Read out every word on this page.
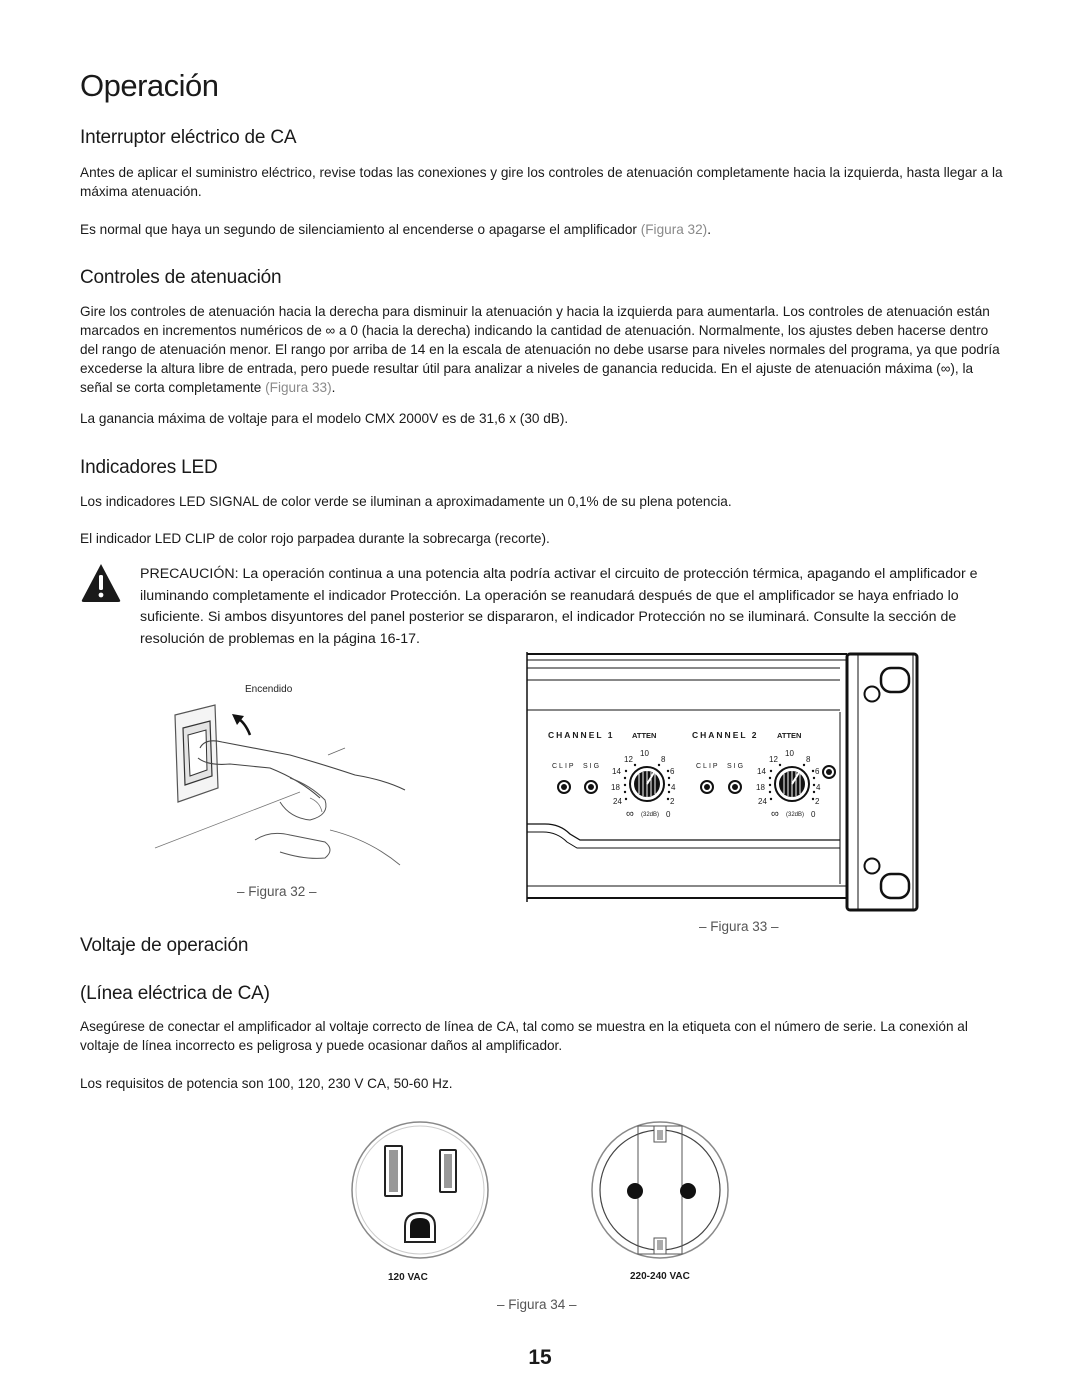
Operación
Interruptor eléctrico de CA

Antes de aplicar el suministro eléctrico, revise todas las conexiones y gire los controles de atenuación completamente hacia la izquierda, hasta llegar a la máxima atenuación.

Es normal que haya un segundo de silenciamiento al encenderse o apagarse el amplificador (Figura 32).

Controles de atenuación

Gire los controles de atenuación hacia la derecha para disminuir la atenuación y hacia la izquierda para aumentarla. Los controles de atenuación están marcados en incrementos numéricos de ∞ a 0 (hacia la derecha) indicando la cantidad de atenuación. Normalmente, los ajustes deben hacerse dentro del rango de atenuación menor. El rango por arriba de 14 en la escala de atenuación no debe usarse para niveles normales del programa, ya que podría excederse la altura libre de entrada, pero puede resultar útil para analizar a niveles de ganancia reducida. En el ajuste de atenuación máxima (∞), la señal se corta completamente (Figura 33).

La ganancia máxima de voltaje para el modelo CMX 2000V es de 31,6 x (30 dB).

Indicadores LED

Los indicadores LED SIGNAL de color verde se iluminan a aproximadamente un 0,1% de su plena potencia.

El indicador LED CLIP de color rojo parpadea durante la sobrecarga (recorte).

PRECAUCIÓN: La operación continua a una potencia alta podría activar el circuito de protección térmica, apagando el amplificador e iluminando completamente el indicador Protección. La operación se reanudará después de que el amplificador se haya enfriado lo suficiente. Si ambos disyuntores del panel posterior se dispararon, el indicador Protección no se iluminará. Consulte la sección de resolución de problemas en la página 16-17.

Encendido
– Figura 32 –
CHANNEL 1 ATTEN	CHANNEL 2 ATTEN
CLIP SIG	CLIP SIG
10
12	8
14	6
18	4
24	2
∞ (32dB) 0
10
12	8
14	6
18	4
24	2
∞ (32dB) 0
– Figura 33 –
Voltaje de operación
(Línea eléctrica de CA)

Asegúrese de conectar el amplificador al voltaje correcto de línea de CA, tal como se muestra en la etiqueta con el número de serie. La conexión al voltaje de línea incorrecto es peligrosa y puede ocasionar daños al amplificador.

Los requisitos de potencia son 100, 120, 230 V CA, 50-60 Hz.

120 VAC	220-240 VAC
– Figura 34 –
15
